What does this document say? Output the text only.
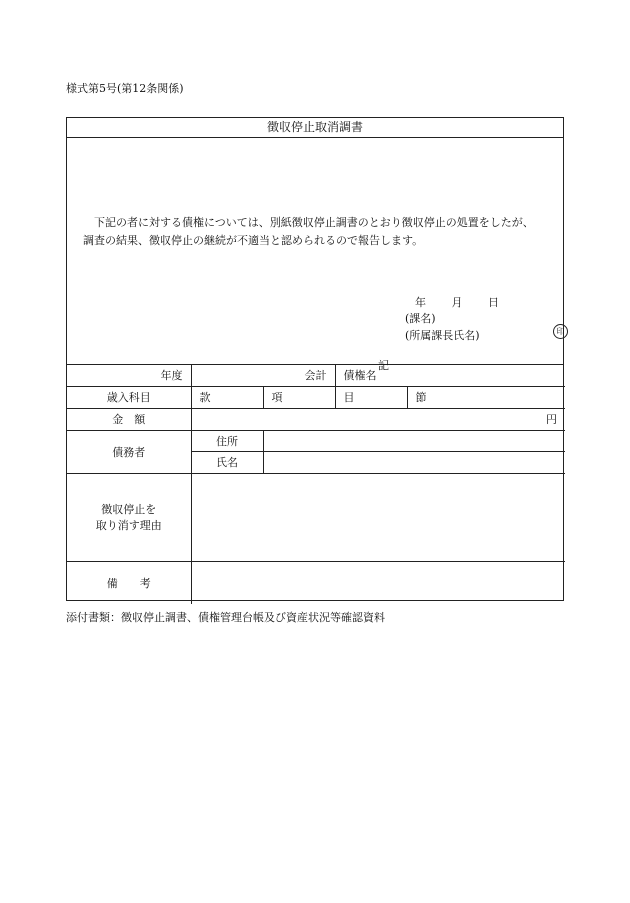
様式第5号(第12条関係)
徴収停止取消調書

下記の者に対する債権については、別紙徴収停止調書のとおり徴収停止の処置をしたが、

調査の結果、徴収停止の継続が不適当と認められるので報告します。

年 月 日
(課名)
(所属課長氏名)	印
記
年度	会計		債権名	
歳入科目	款	項	目	節
金　額	円			
債務者	住所			
	氏名			
徴収停止を
取り消す理由				
備　　考				
添付書類：徴収停止調書、債権管理台帳及び資産状況等確認資料
